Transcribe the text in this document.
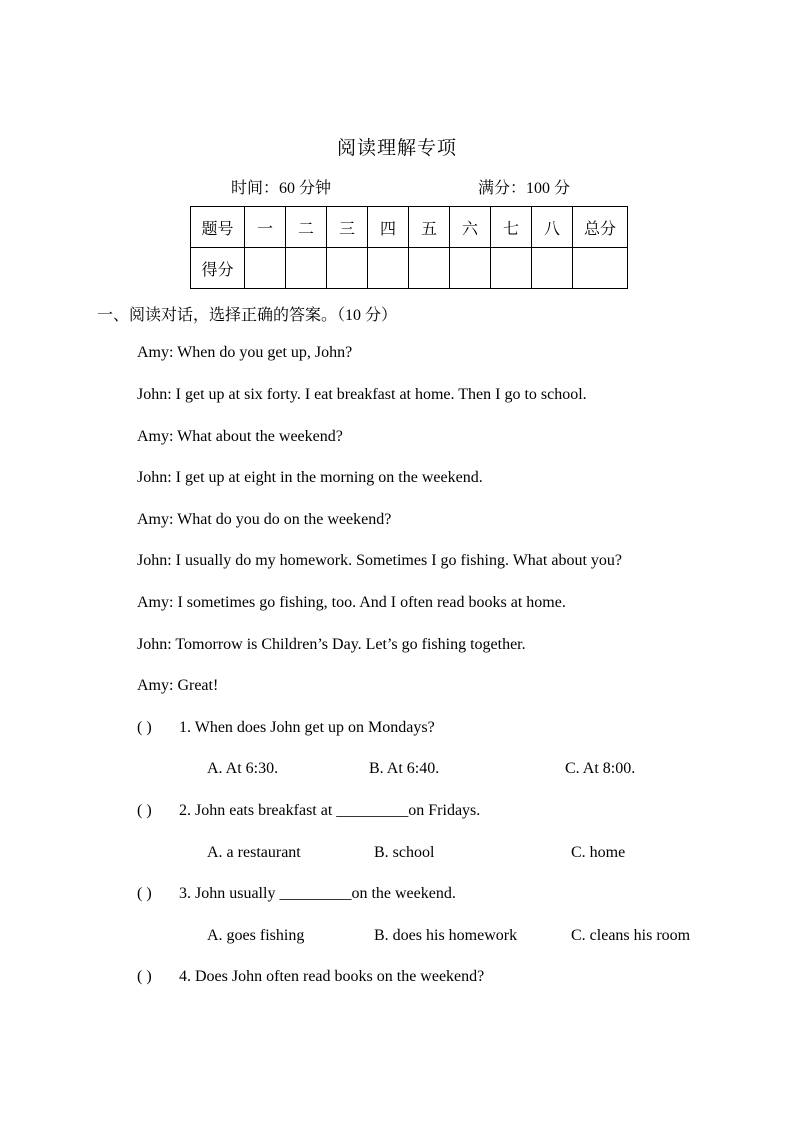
阅读理解专项
时间：60 分钟	满分：100 分
题号	一	二	三	四	五	六	七	八	总分
得分									
一、阅读对话，选择正确的答案。（10 分）
Amy: When do you get up, John?
John: I get up at six forty. I eat breakfast at home. Then I go to school.
Amy: What about the weekend?
John: I get up at eight in the morning on the weekend.
Amy: What do you do on the weekend?
John: I usually do my homework. Sometimes I go fishing. What about you?
Amy: I sometimes go fishing, too. And I often read books at home.
John: Tomorrow is Children’s Day. Let’s go fishing together.
Amy: Great!
( ) 1. When does John get up on Mondays?
A. At 6:30.	B. At 6:40.	C. At 8:00.
( ) 2. John eats breakfast at _________on Fridays.
A. a restaurant	B. school	C. home
( ) 3. John usually _________on the weekend.
A. goes fishing	B. does his homework	C. cleans his room
( ) 4. Does John often read books on the weekend?
